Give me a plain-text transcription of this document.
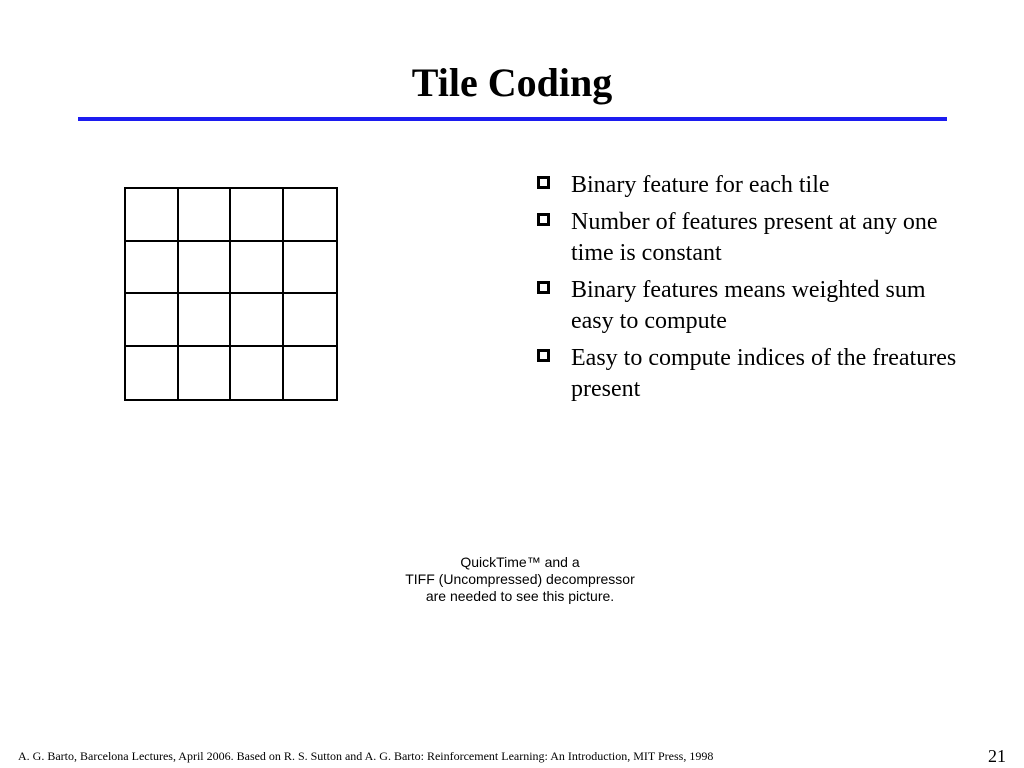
Tile Coding
Binary feature for each tile
Number of features present at any one time is constant
Binary features means weighted sum easy to compute
Easy to compute indices of the freatures present
QuickTime™ and a
TIFF (Uncompressed) decompressor
are needed to see this picture.
A. G. Barto, Barcelona Lectures, April 2006. Based on R. S. Sutton and A. G. Barto: Reinforcement Learning: An Introduction, MIT Press, 1998	21
